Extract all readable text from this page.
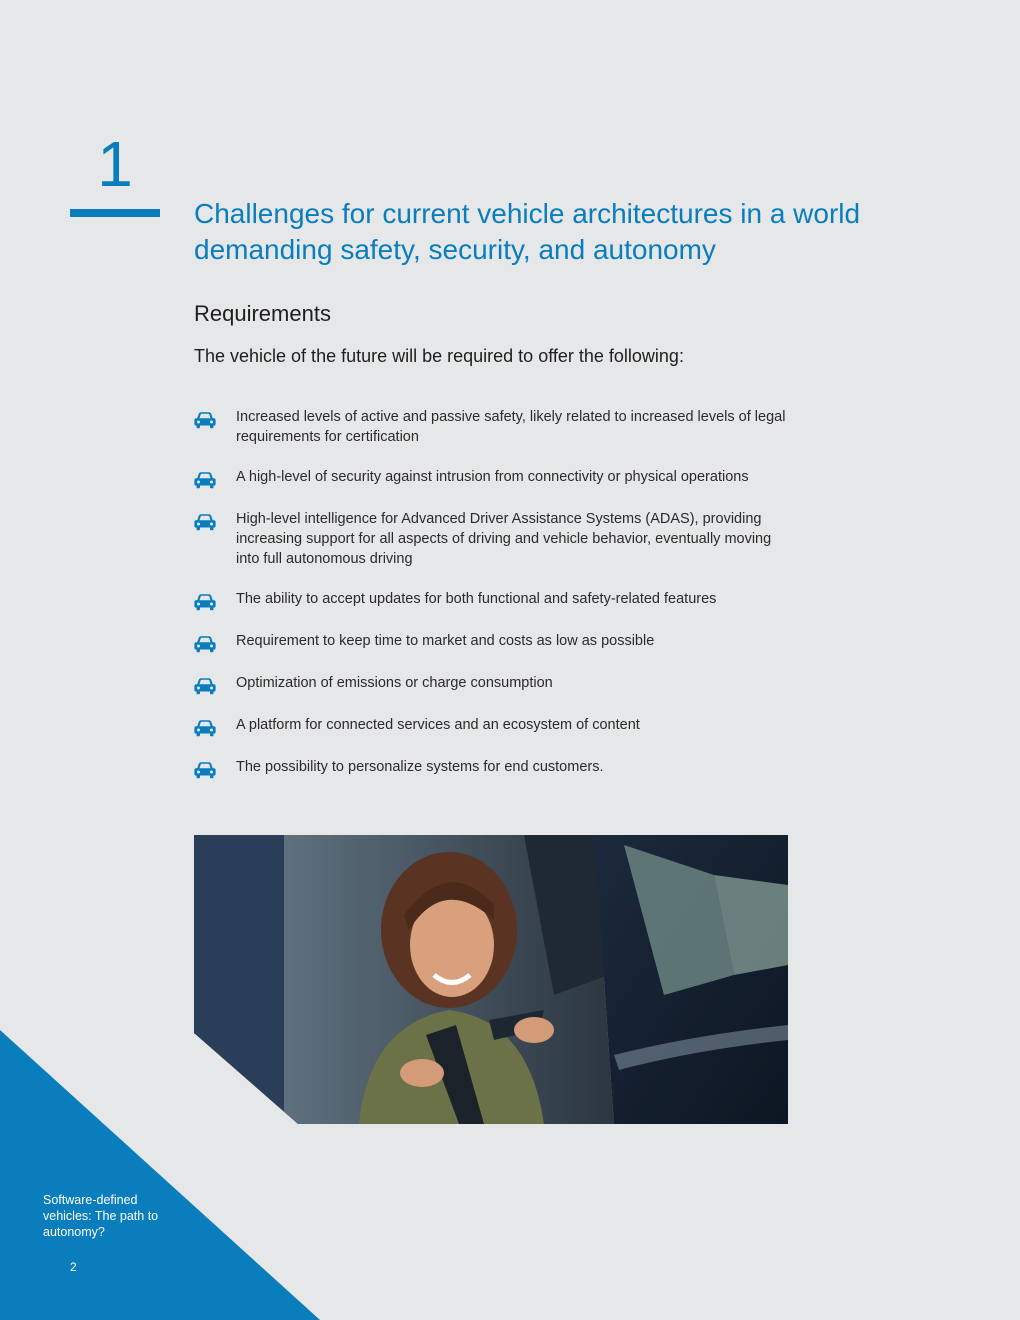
1
Challenges for current vehicle architectures in a world demanding safety, security, and autonomy
Requirements

The vehicle of the future will be required to offer the following:

Increased levels of active and passive safety, likely related to increased levels of legal requirements for certification
A high-level of security against intrusion from connectivity or physical operations
High-level intelligence for Advanced Driver Assistance Systems (ADAS), providing increasing support for all aspects of driving and vehicle behavior, eventually moving into full autonomous driving
The ability to accept updates for both functional and safety-related features
Requirement to keep time to market and costs as low as possible
Optimization of emissions or charge consumption
A platform for connected services and an ecosystem of content
The possibility to personalize systems for end customers.

Software-defined vehicles: The path to autonomy?

2
